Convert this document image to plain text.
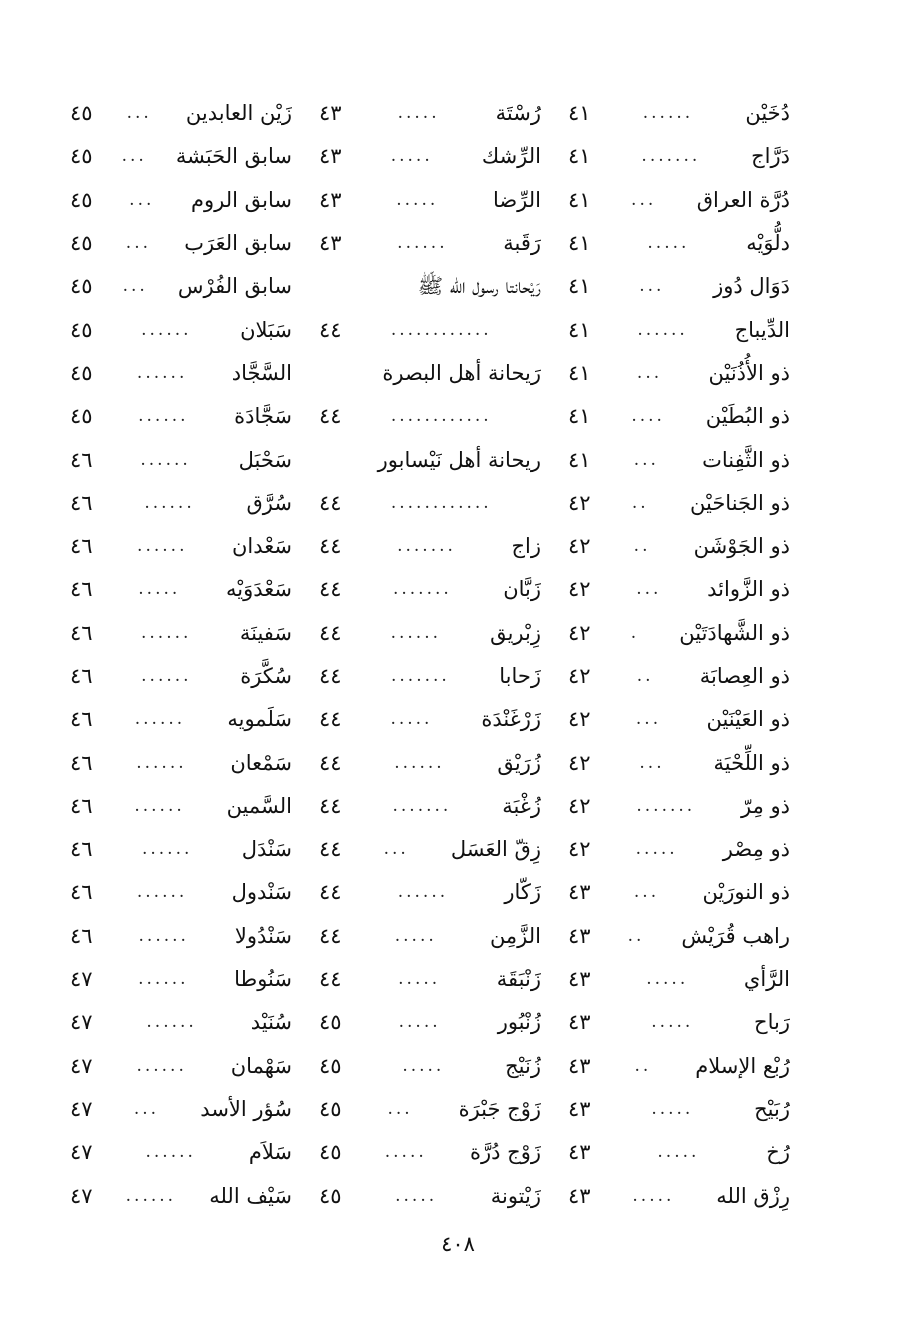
دُخَيْن
......
٤١
دَرَّاج
.......
٤١
دُرَّة العراق
...
٤١
دلُّوَيْه
.....
٤١
دَوَال دُوز
...
٤١
الدِّيباج
......
٤١
ذو الأُذُنَيْن
...
٤١
ذو البُطَيْن
....
٤١
ذو الثَّفِنات
...
٤١
ذو الجَناحَيْن
..
٤٢
ذو الجَوْشَن
..
٤٢
ذو الزَّوائد
...
٤٢
ذو الشَّهادَتَيْن
.
٤٢
ذو العِصابَة
..
٤٢
ذو العَيْنَيْن
...
٤٢
ذو اللِّحْيَة
...
٤٢
ذو مِرّ
.......
٤٢
ذو مِصْر
.....
٤٢
ذو النورَيْن
...
٤٣
راهب قُرَيْش
..
٤٣
الرَّأي
.....
٤٣
رَباح
.....
٤٣
رُبْع الإسلام
..
٤٣
رُبَيْح
.....
٤٣
رُخ
.....
٤٣
رِزْق الله
.....
٤٣
رُسْتَة
.....
٤٣
الرِّشك
.....
٤٣
الرِّضا
.....
٤٣
رَقَبة
......
٤٣
رَيْحانتا رسول الله ﷺ
............
٤٤
رَيحانة أهل البصرة
............
٤٤
ريحانة أهل نَيْسابور
............
٤٤
زاج
.......
٤٤
زَبَّان
.......
٤٤
زِبْريق
......
٤٤
زَحابا
.......
٤٤
زَرْغَنْدَة
.....
٤٤
زُرَيْق
......
٤٤
زُغْبَة
.......
٤٤
زِقّ العَسَل
...
٤٤
زَكّار
......
٤٤
الزَّمِن
.....
٤٤
زَنْبَقَة
.....
٤٤
زُنْبُور
.....
٤٥
زُنَيْج
.....
٤٥
زَوْج جَبْرَة
...
٤٥
زَوْج دُرَّة
.....
٤٥
زَيْتونة
.....
٤٥
زَيْن العابدين
...
٤٥
سابق الحَبَشة
...
٤٥
سابق الروم
...
٤٥
سابق العَرَب
...
٤٥
سابق الفُرْس
...
٤٥
سَبَلان
......
٤٥
السَّجَّاد
......
٤٥
سَجَّادَة
......
٤٥
سَحْبَل
......
٤٦
سُرَّق
......
٤٦
سَعْدان
......
٤٦
سَعْدَوَيْه
.....
٤٦
سَفينَة
......
٤٦
سُكَّرَة
......
٤٦
سَلَمويه
......
٤٦
سَمْعان
......
٤٦
السَّمين
......
٤٦
سَنْدَل
......
٤٦
سَنْدول
......
٤٦
سَنْدُولا
......
٤٦
سَنُوطا
......
٤٧
سُنَيْد
......
٤٧
سَهْمان
......
٤٧
سُؤر الأسد
...
٤٧
سَلاَم
......
٤٧
سَيْف الله
......
٤٧
٤٠٨
